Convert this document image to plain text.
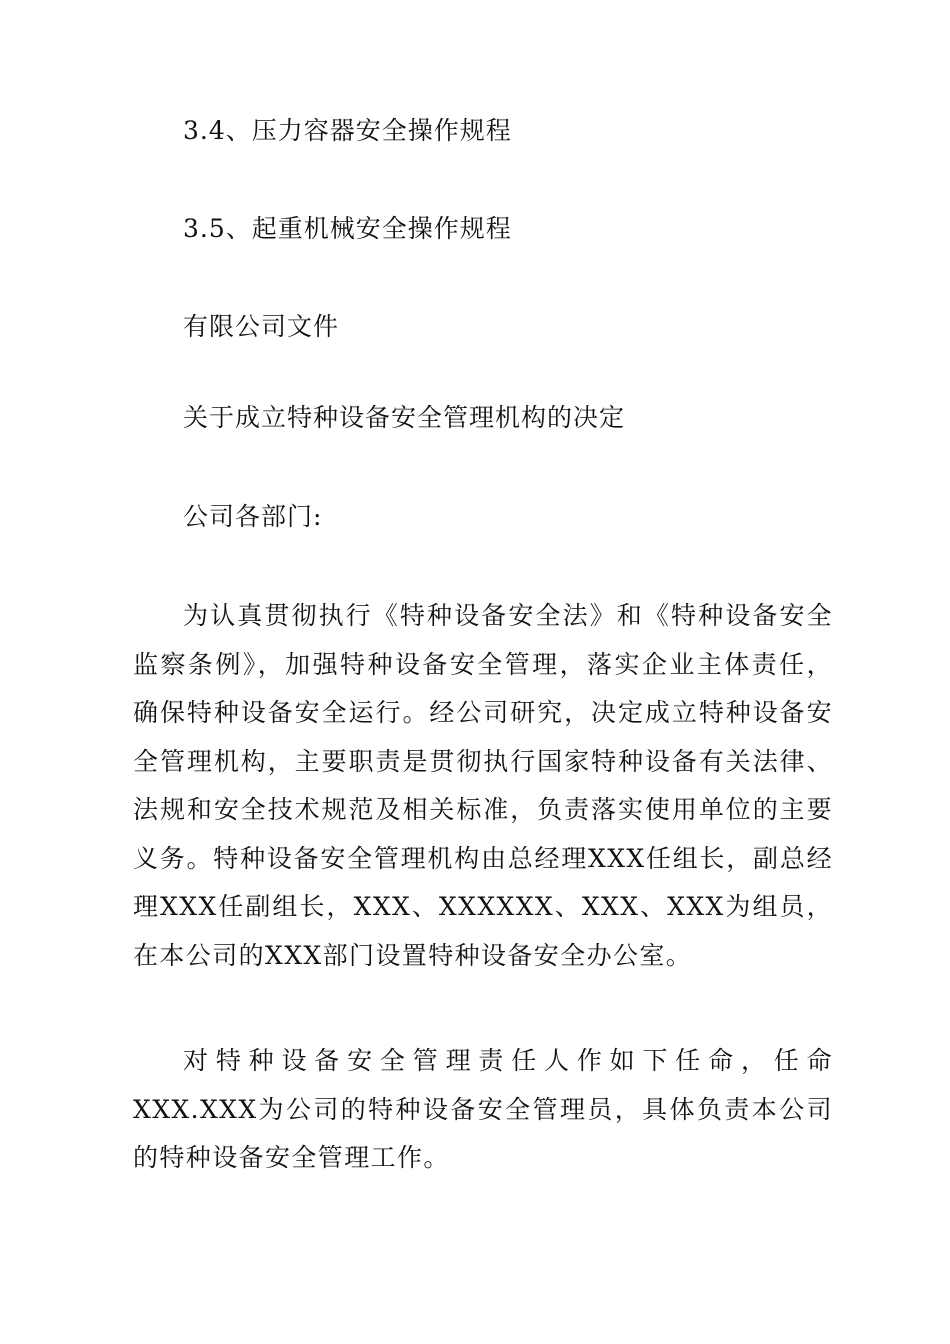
3.4、压力容器安全操作规程
3.5、起重机械安全操作规程
有限公司文件
关于成立特种设备安全管理机构的决定
公司各部门:

为认真贯彻执行《特种设备安全法》和《特种设备安全监察条例》，加强特种设备安全管理，落实企业主体责任，确保特种设备安全运行。经公司研究，决定成立特种设备安全管理机构，主要职责是贯彻执行国家特种设备有关法律、法规和安全技术规范及相关标准，负责落实使用单位的主要义务。特种设备安全管理机构由总经理XXX任组长，副总经理XXX任副组长，XXX、XXXXXX、XXX、XXX为组员，在本公司的XXX部门设置特种设备安全办公室。

对特种设备安全管理责任人作如下任命，任命XXX.XXX为公司的特种设备安全管理员，具体负责本公司的特种设备安全管理工作。
